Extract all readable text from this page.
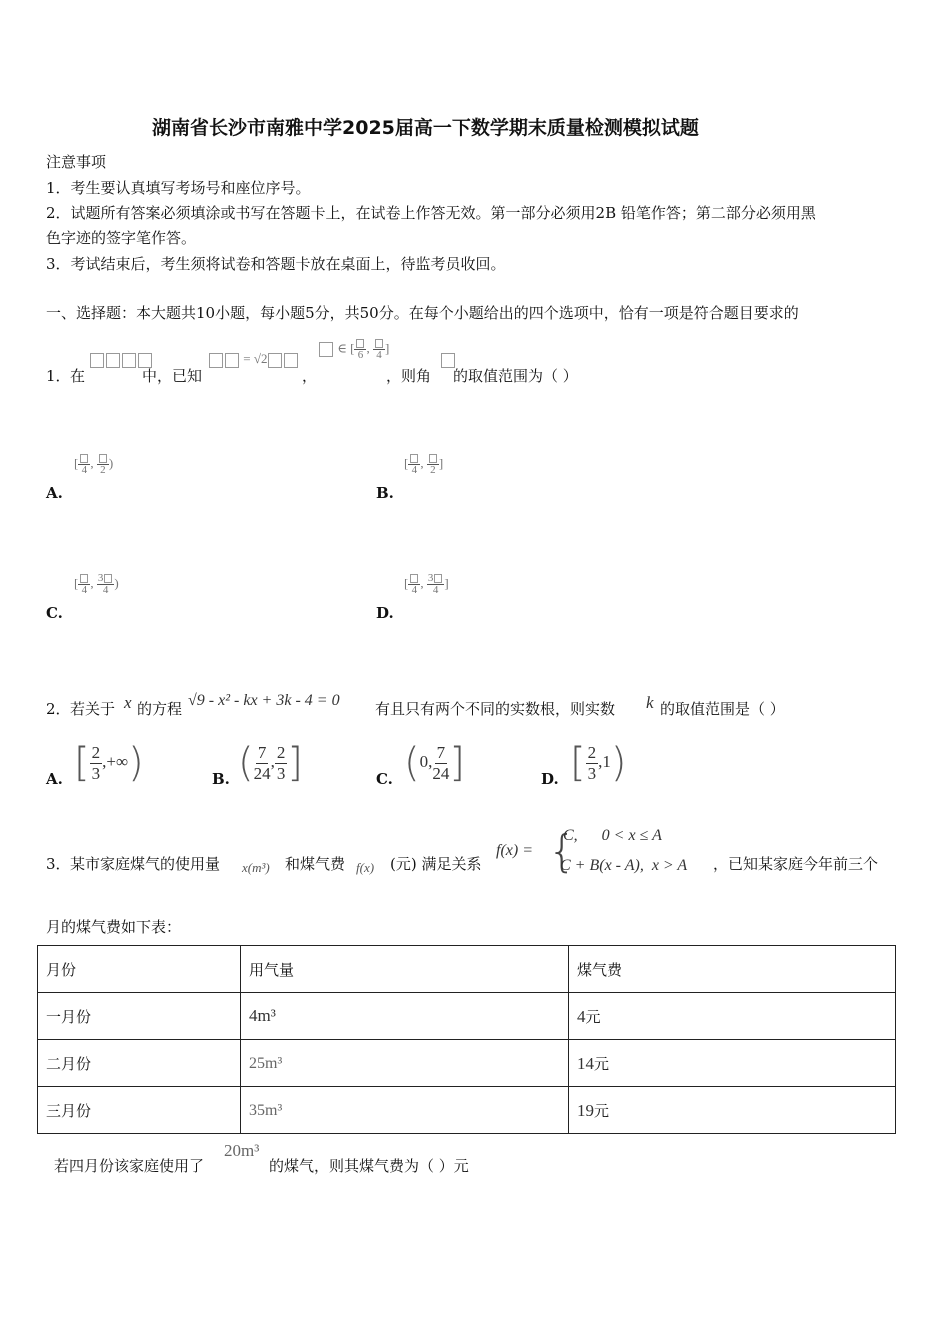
湖南省长沙市南雅中学2025届高一下数学期末质量检测模拟试题
注意事项
1．考生要认真填写考场号和座位序号。
2．试题所有答案必须填涂或书写在答题卡上，在试卷上作答无效。第一部分必须用2B 铅笔作答；第二部分必须用黑
色字迹的签字笔作答。
3．考试结束后，考生须将试卷和答题卡放在桌面上，待监考员收回。
一、选择题：本大题共10小题，每小题5分，共50分。在每个小题给出的四个选项中，恰有一项是符合题目要求的
1． 在	中，已知
= √2
，
∈ [ 6 , 4 ]
，则角 的取值范围为（ ）
[ 4 , 2 )
A.
[ 4 , 2 ]
B.
[ 4 , $\frac{3}{4}$ )
C.
[ 4 , $\frac{3}{4}$ ]
D.
2． 若关于 x 的方程 √9 - x² - kx + 3k - 4 = 0 有且只有两个不同的实数根，则实数 k 的取值范围是（ ）
A. [ $\frac{2}{3}$ ,+∞)	B. ( $\frac{7}{24}$ , $\frac{2}{3}$ ]	C. (0, $\frac{7}{24}$ ]	D. [ $\frac{2}{3} ,1$)
3． 某市家庭煤气的使用量 x(m³) 和煤气费 f(x) (元) 满足关系
f(x) = {
C,      0 < x ≤ A
C + B(x - A),  x > A ，已知某家庭今年前三个
月的煤气费如下表：
月份	用气量	煤气费
一月份	4m³	4元
二月份	25m³	14元
三月份	35m³	19元
若四月份该家庭使用了
20m³
的煤气，则其煤气费为（ ）元
